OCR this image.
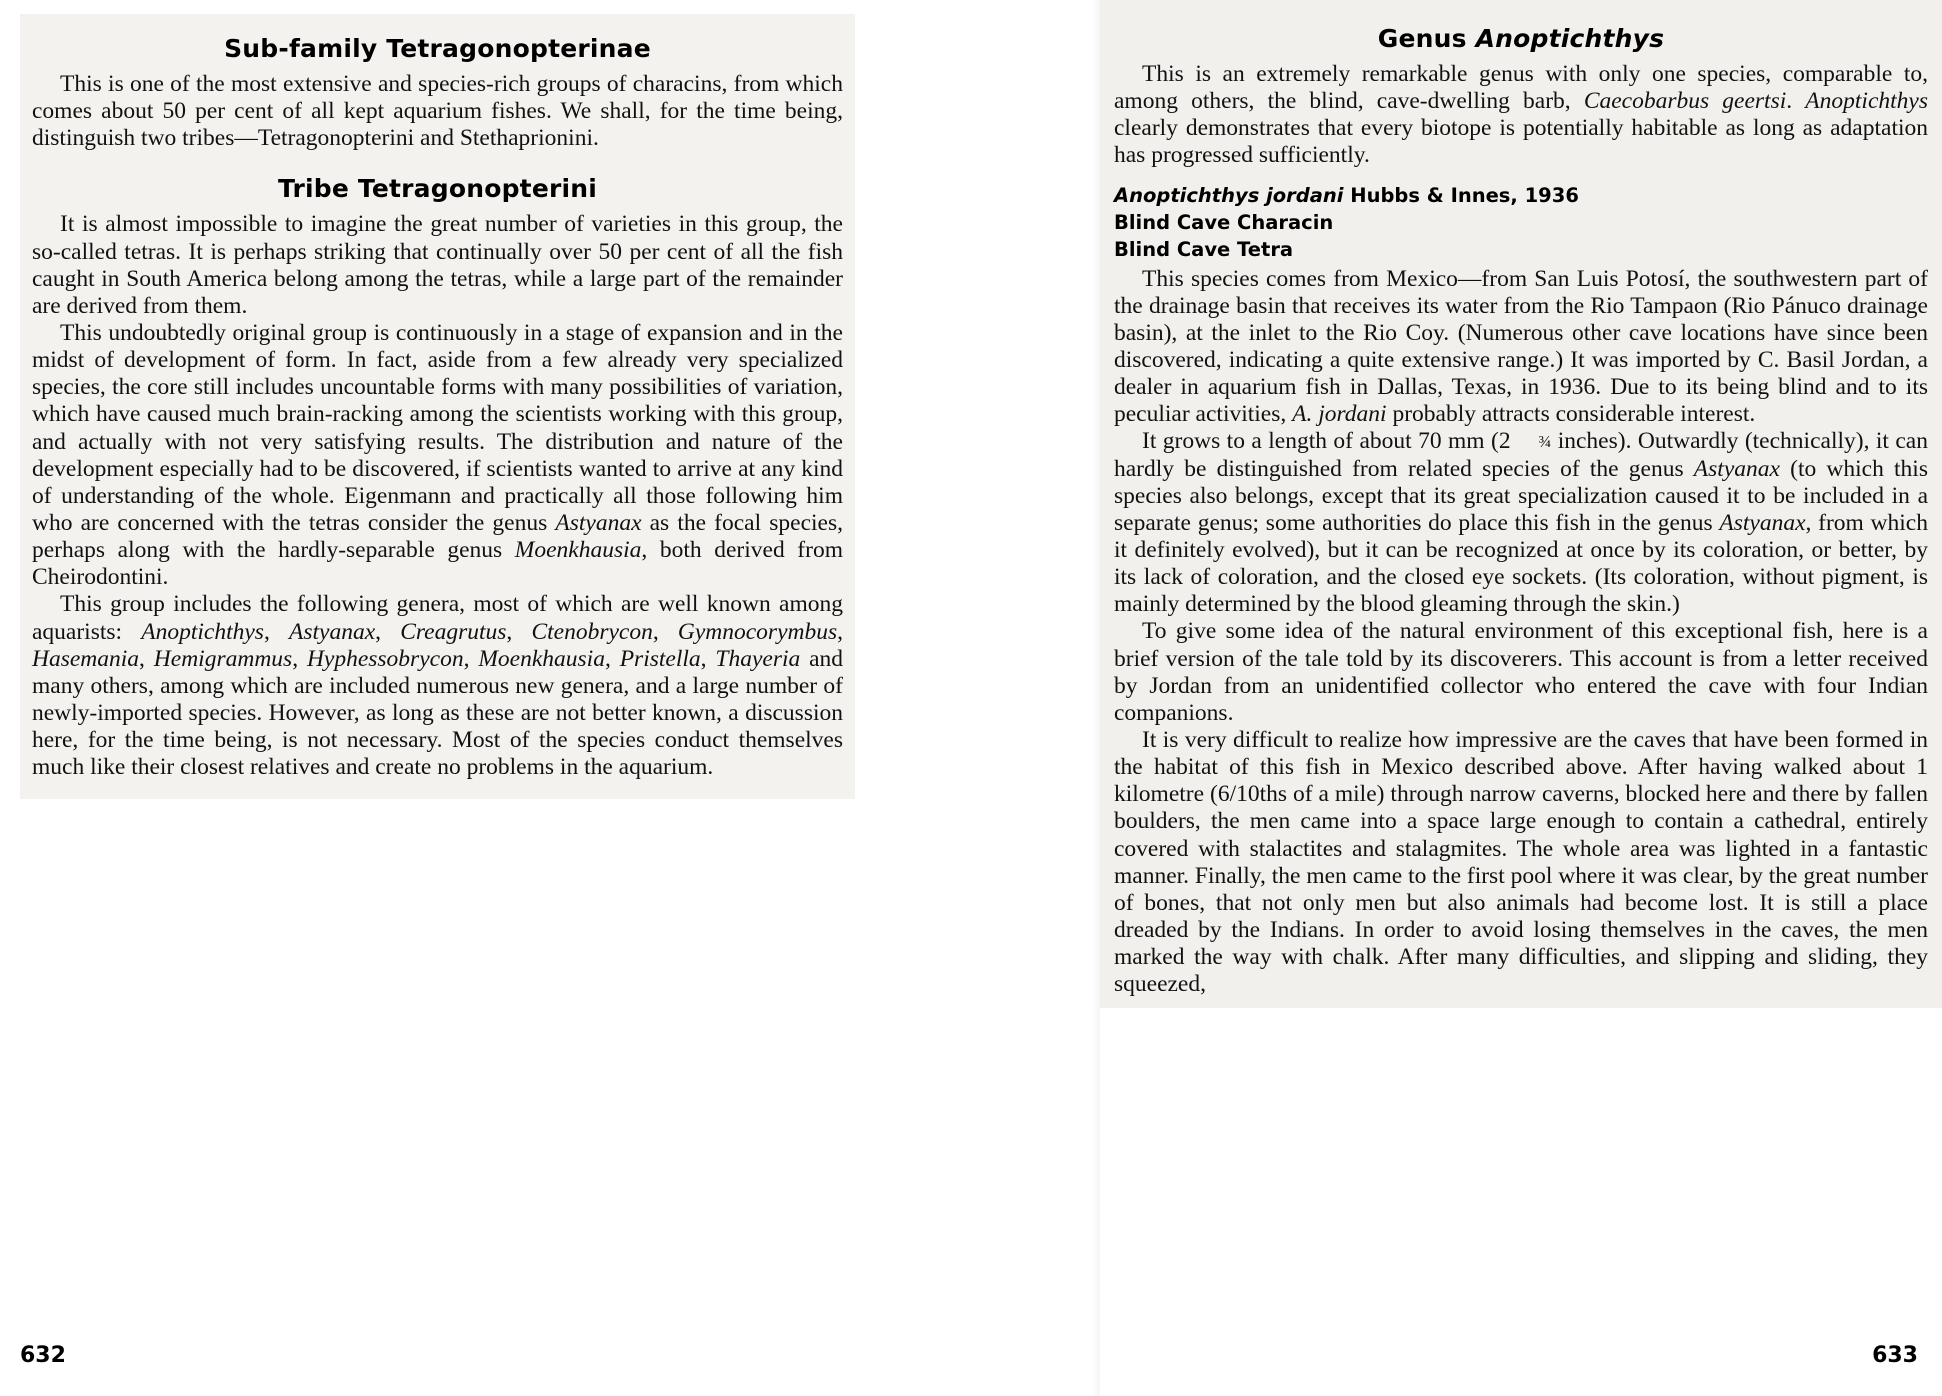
Sub-family Tetragonopterinae

This is one of the most extensive and species-rich groups of characins, from which comes about 50 per cent of all kept aquarium fishes. We shall, for the time being, distinguish two tribes—Tetragonopterini and Stethaprionini.

Tribe Tetragonopterini

It is almost impossible to imagine the great number of varieties in this group, the so-called tetras. It is perhaps striking that continually over 50 per cent of all the fish caught in South America belong among the tetras, while a large part of the remainder are derived from them.

This undoubtedly original group is continuously in a stage of expansion and in the midst of development of form. In fact, aside from a few already very specialized species, the core still includes uncountable forms with many possibilities of variation, which have caused much brain-racking among the scientists working with this group, and actually with not very satisfying results. The distribution and nature of the development especially had to be discovered, if scientists wanted to arrive at any kind of understanding of the whole. Eigenmann and practically all those following him who are concerned with the tetras consider the genus Astyanax as the focal species, perhaps along with the hardly-separable genus Moenkhausia, both derived from Cheirodontini.

This group includes the following genera, most of which are well known among aquarists: Anoptichthys, Astyanax, Creagrutus, Ctenobrycon, Gymnocorymbus, Hasemania, Hemigrammus, Hyphessobrycon, Moenkhausia, Pristella, Thayeria and many others, among which are included numerous new genera, and a large number of newly-imported species. However, as long as these are not better known, a discussion here, for the time being, is not necessary. Most of the species conduct themselves much like their closest relatives and create no problems in the aquarium.

632
Genus Anoptichthys

This is an extremely remarkable genus with only one species, comparable to, among others, the blind, cave-dwelling barb, Caecobarbus geertsi. Anoptichthys clearly demonstrates that every biotope is potentially habitable as long as adaptation has progressed sufficiently.

Anoptichthys jordani Hubbs & Innes, 1936
Blind Cave Characin
Blind Cave Tetra

This species comes from Mexico—from San Luis Potosí, the southwestern part of the drainage basin that receives its water from the Rio Tampaon (Rio Pánuco drainage basin), at the inlet to the Rio Coy. (Numerous other cave locations have since been discovered, indicating a quite extensive range.) It was imported by C. Basil Jordan, a dealer in aquarium fish in Dallas, Texas, in 1936. Due to its being blind and to its peculiar activities, A. jordani probably attracts considerable interest.

It grows to a length of about 70 mm (2 ¾ inches). Outwardly (technically), it can hardly be distinguished from related species of the genus Astyanax (to which this species also belongs, except that its great specialization caused it to be included in a separate genus; some authorities do place this fish in the genus Astyanax, from which it definitely evolved), but it can be recognized at once by its coloration, or better, by its lack of coloration, and the closed eye sockets. (Its coloration, without pigment, is mainly determined by the blood gleaming through the skin.)

To give some idea of the natural environment of this exceptional fish, here is a brief version of the tale told by its discoverers. This account is from a letter received by Jordan from an unidentified collector who entered the cave with four Indian companions.

It is very difficult to realize how impressive are the caves that have been formed in the habitat of this fish in Mexico described above. After having walked about 1 kilometre (6/10ths of a mile) through narrow caverns, blocked here and there by fallen boulders, the men came into a space large enough to contain a cathedral, entirely covered with stalactites and stalagmites. The whole area was lighted in a fantastic manner. Finally, the men came to the first pool where it was clear, by the great number of bones, that not only men but also animals had become lost. It is still a place dreaded by the Indians. In order to avoid losing themselves in the caves, the men marked the way with chalk. After many difficulties, and slipping and sliding, they squeezed,

633
